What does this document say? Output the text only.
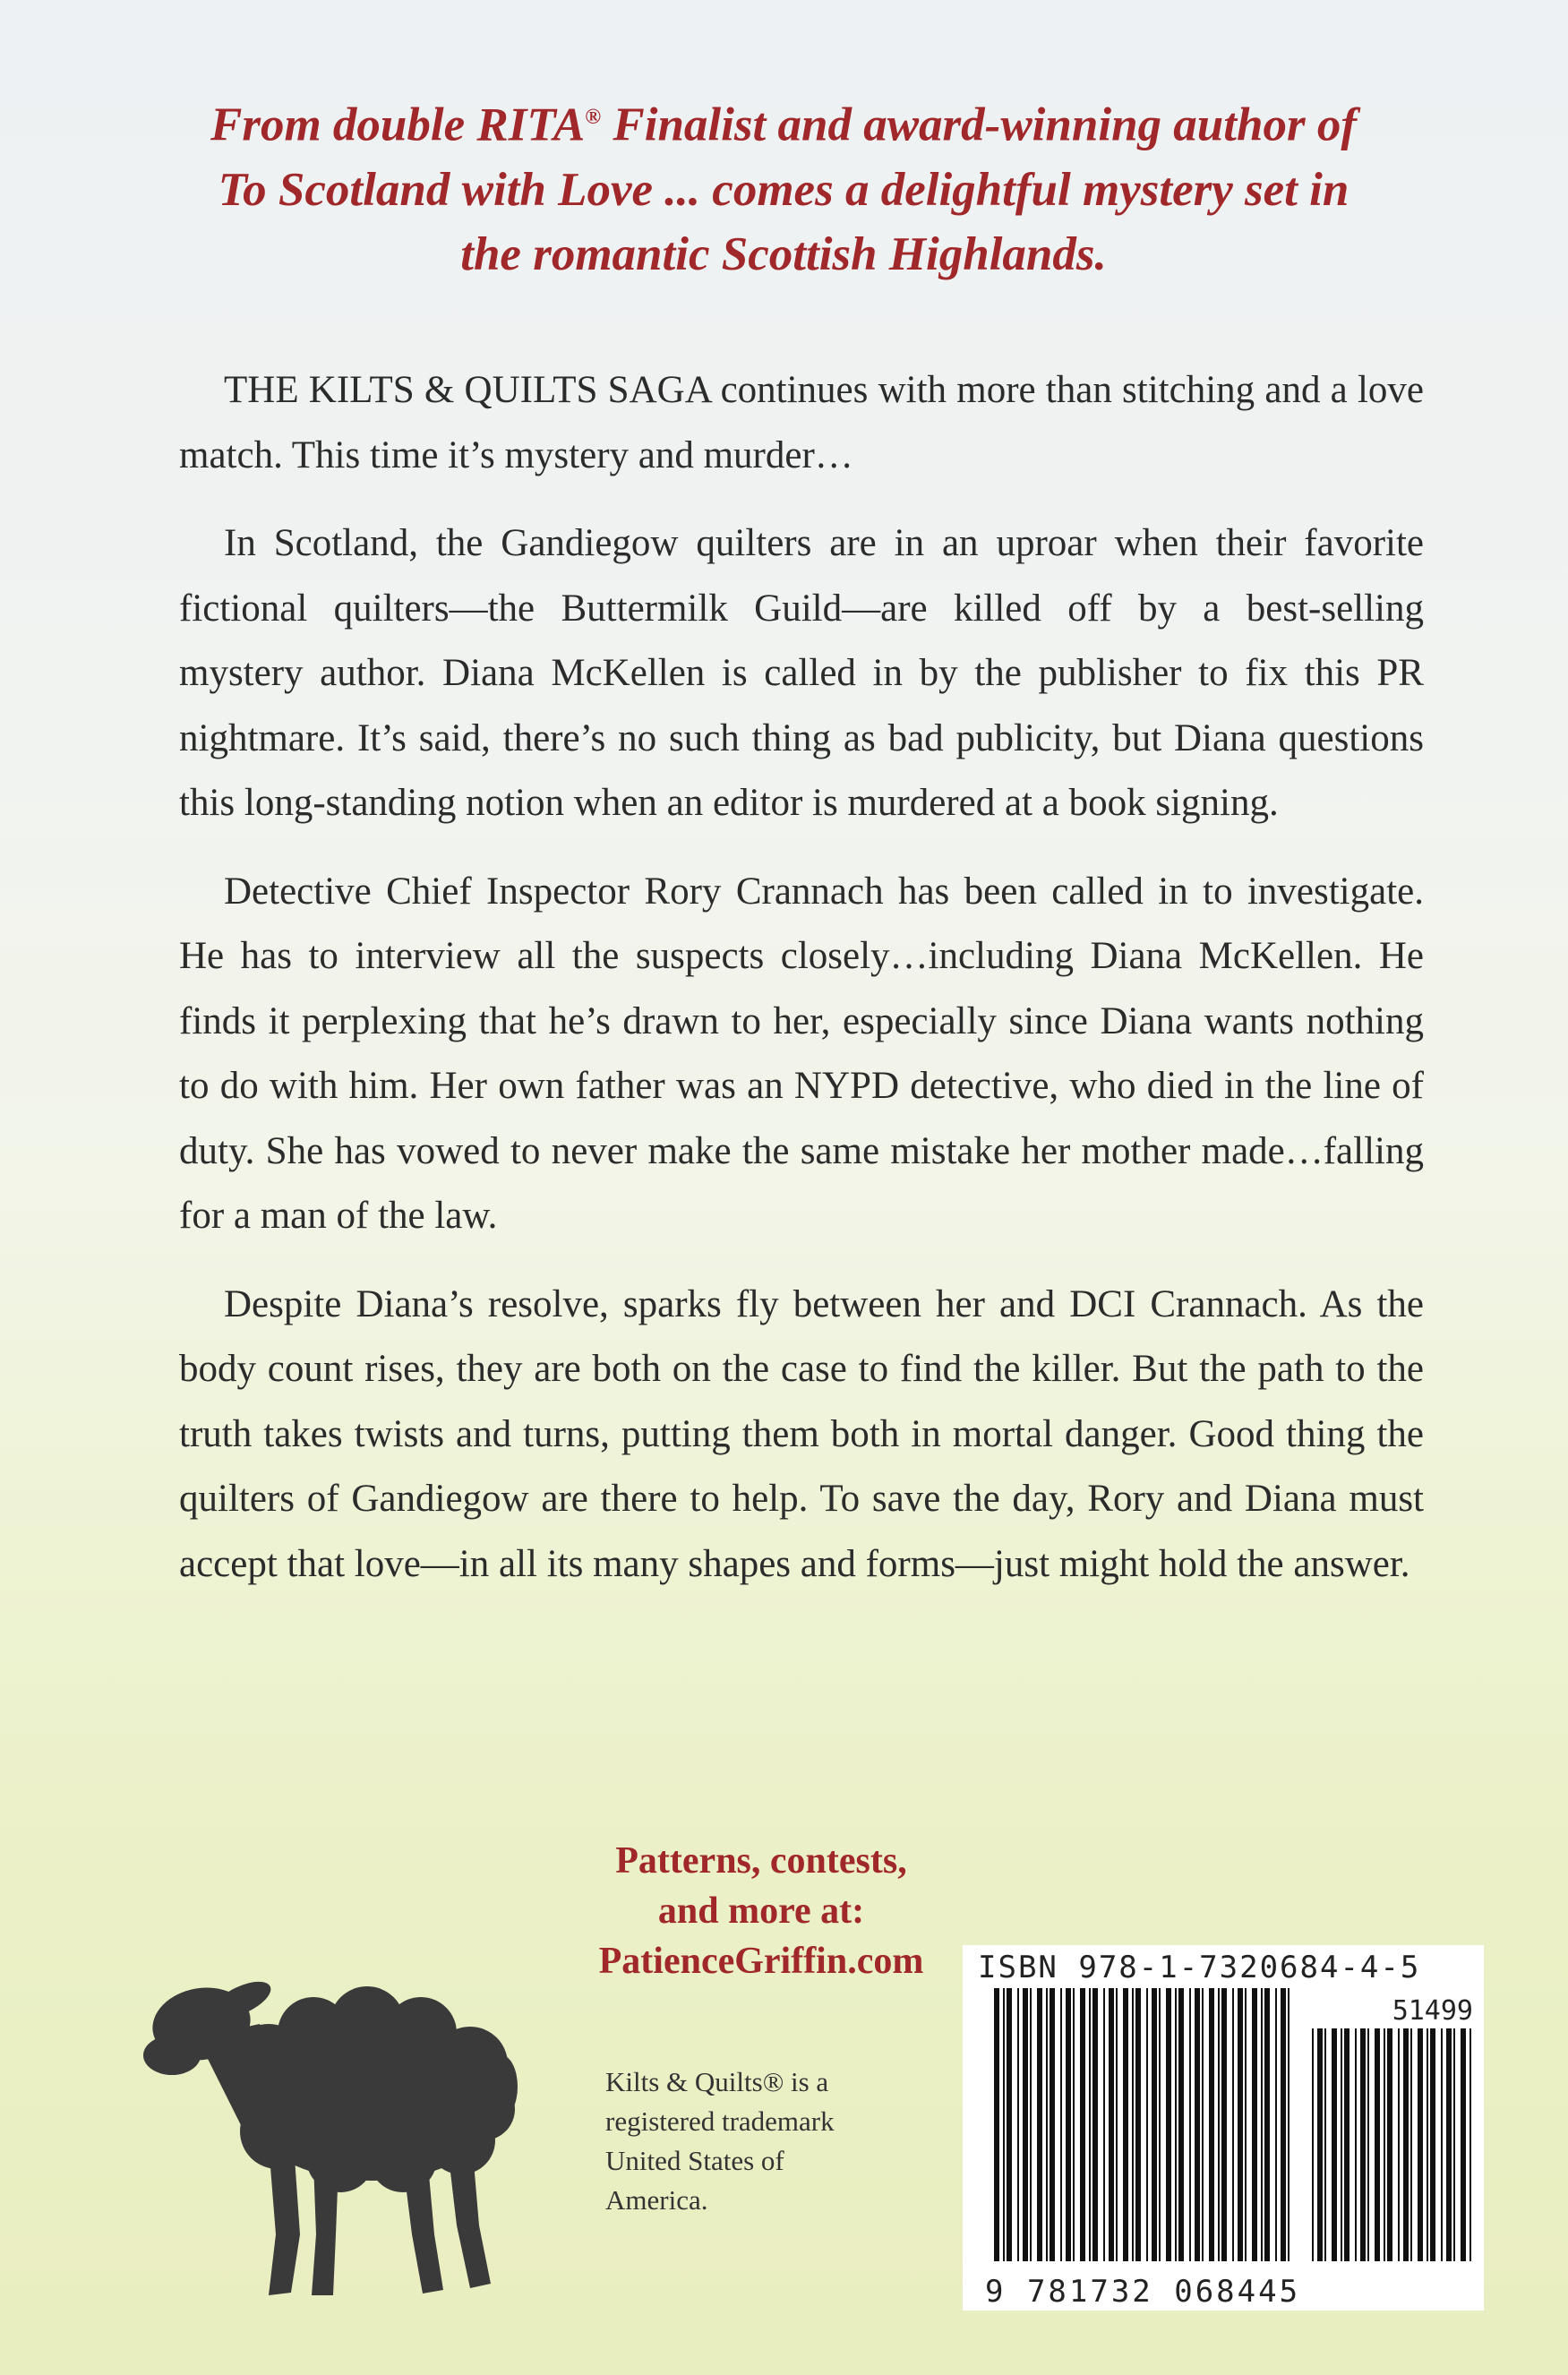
From double RITA® Finalist and award-winning author of
To Scotland with Love ... comes a delightful mystery set in
the romantic Scottish Highlands.

THE KILTS & QUILTS SAGA continues with more than stitching and a love match. This time it’s mystery and murder…

In Scotland, the Gandiegow quilters are in an uproar when their favorite fictional quilters—the Buttermilk Guild—are killed off by a best-selling mystery author. Diana McKellen is called in by the publisher to fix this PR nightmare. It’s said, there’s no such thing as bad publicity, but Diana questions this long-standing notion when an editor is murdered at a book signing.

Detective Chief Inspector Rory Crannach has been called in to investigate. He has to interview all the suspects closely…including Diana McKellen. He finds it perplexing that he’s drawn to her, especially since Diana wants nothing to do with him. Her own father was an NYPD detective, who died in the line of duty. She has vowed to never make the same mistake her mother made…falling for a man of the law.

Despite Diana’s resolve, sparks fly between her and DCI Crannach. As the body count rises, they are both on the case to find the killer. But the path to the truth takes twists and turns, putting them both in mortal danger. Good thing the quilters of Gandiegow are there to help. To save the day, Rory and Diana must accept that love—in all its many shapes and forms—just might hold the answer.

Patterns, contests,
and more at:
PatienceGriffin.com
Kilts & Quilts® is a
registered trademark
United States of
America.
ISBN 978-1-7320684-4-5
51499
9 781732 068445
